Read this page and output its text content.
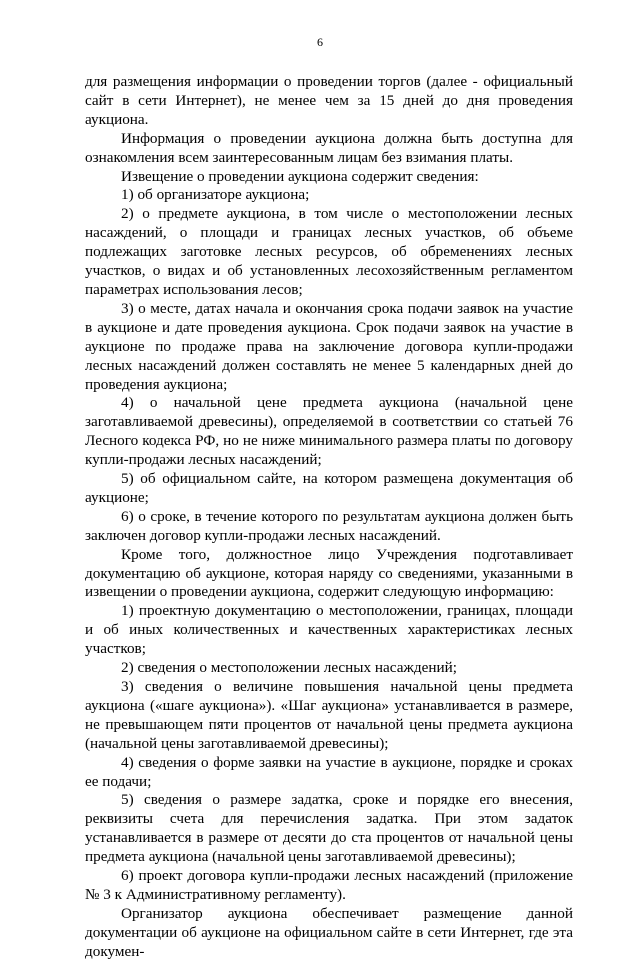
6

для размещения информации о проведении торгов (далее - официальный сайт в сети Интернет), не менее чем за 15 дней до дня проведения аукциона.

Информация о проведении аукциона должна быть доступна для ознакомления всем заинтересованным лицам без взимания платы.

Извещение о проведении аукциона содержит сведения:

1) об организаторе аукциона;

2) о предмете аукциона, в том числе о местоположении лесных насаждений, о площади и границах лесных участков, об объеме подлежащих заготовке лесных ресурсов, об обременениях лесных участков, о видах и об установленных лесохозяйственным регламентом параметрах использования лесов;

3) о месте, датах начала и окончания срока подачи заявок на участие в аукционе и дате проведения аукциона. Срок подачи заявок на участие в аукционе по продаже права на заключение договора купли-продажи лесных насаждений должен составлять не менее 5 календарных дней до проведения аукциона;

4) о начальной цене предмета аукциона (начальной цене заготавливаемой древесины), определяемой в соответствии со статьей 76 Лесного кодекса РФ, но не ниже минимального размера платы по договору купли-продажи лесных насаждений;

5) об официальном сайте, на котором размещена документация об аукционе;

6) о сроке, в течение которого по результатам аукциона должен быть заключен договор купли-продажи лесных насаждений.

Кроме того, должностное лицо Учреждения подготавливает документацию об аукционе, которая наряду со сведениями, указанными в извещении о проведении аукциона, содержит следующую информацию:

1) проектную документацию о местоположении, границах, площади и об иных количественных и качественных характеристиках лесных участков;

2) сведения о местоположении лесных насаждений;

3) сведения о величине повышения начальной цены предмета аукциона («шаге аукциона»). «Шаг аукциона» устанавливается в размере, не превышающем пяти процентов от начальной цены предмета аукциона (начальной цены заготавливаемой древесины);

4) сведения о форме заявки на участие в аукционе, порядке и сроках ее подачи;

5) сведения о размере задатка, сроке и порядке его внесения, реквизиты счета для перечисления задатка. При этом задаток устанавливается в размере от десяти до ста процентов от начальной цены предмета аукциона (начальной цены заготавливаемой древесины);

6) проект договора купли-продажи лесных насаждений (приложение № 3 к Административному регламенту).

Организатор аукциона обеспечивает размещение данной документации об аукционе на официальном сайте в сети Интернет, где эта докумен-
